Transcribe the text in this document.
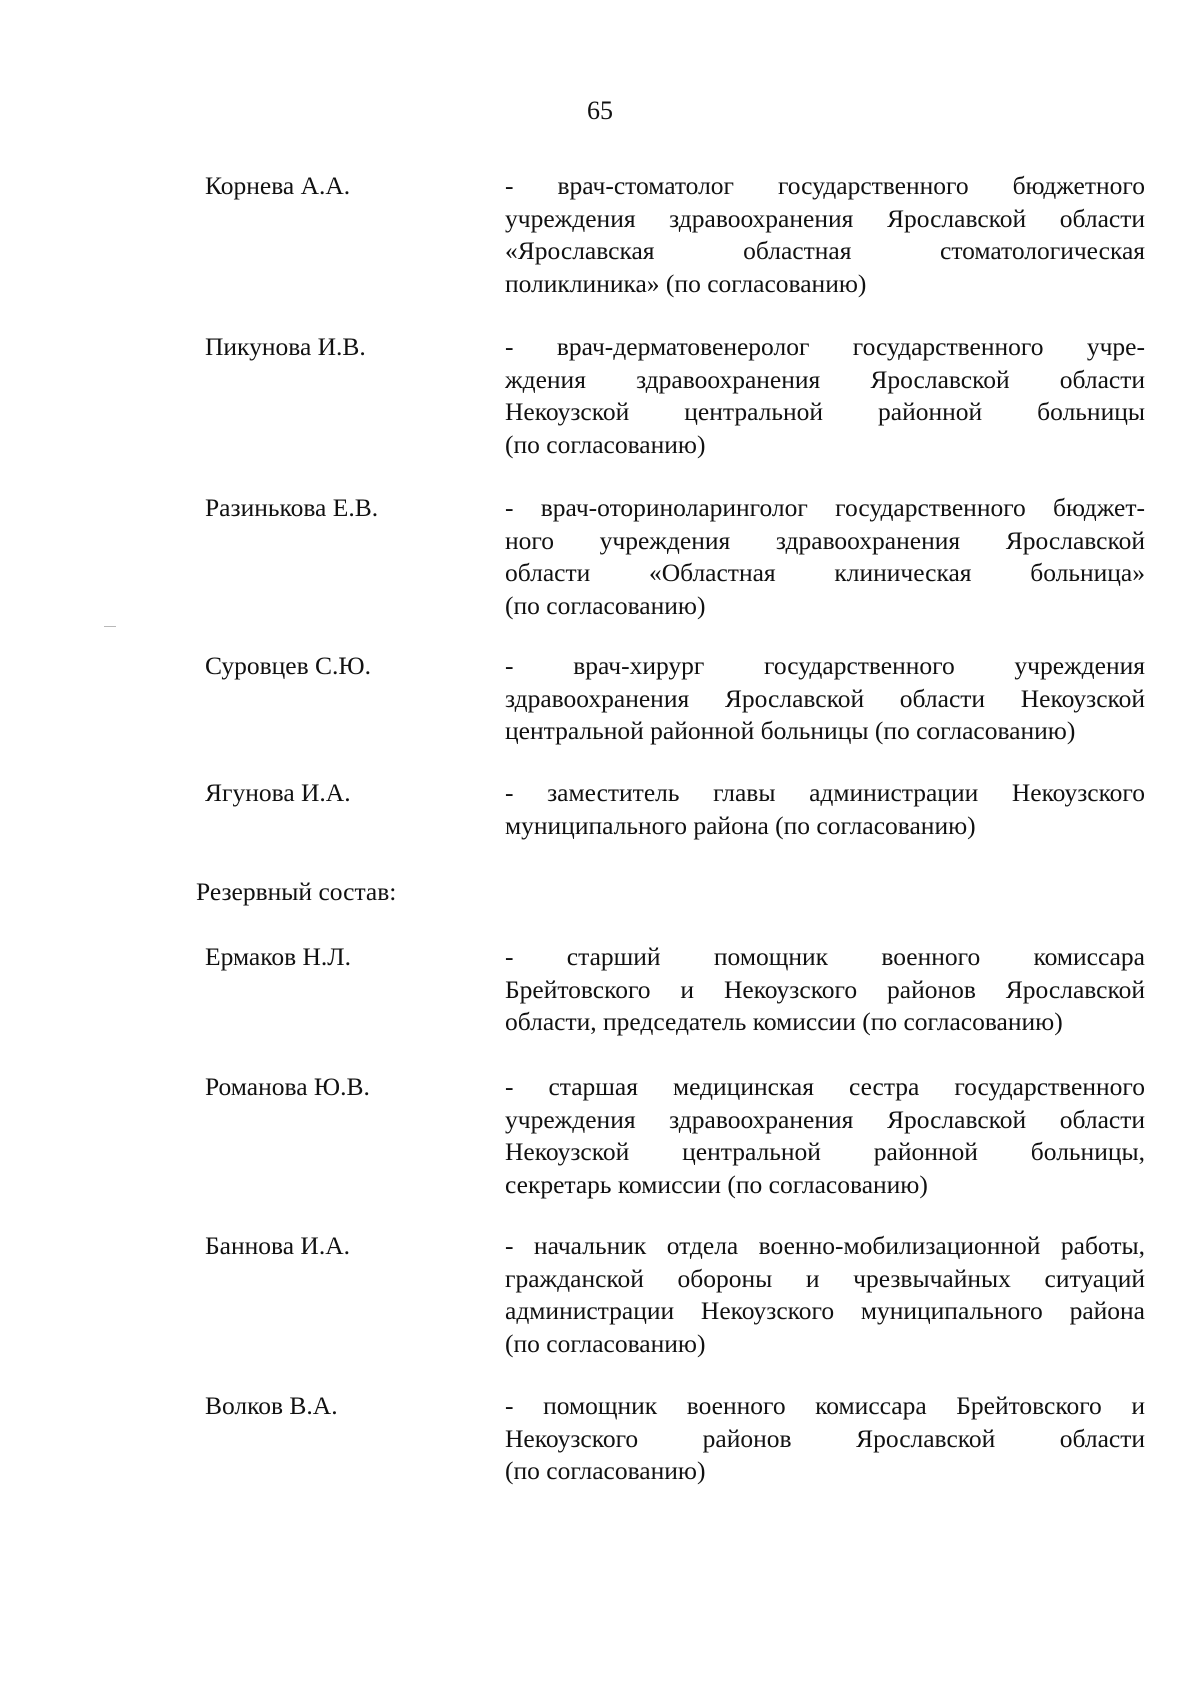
65
Корнева А.А.	- врач-стоматолог государственного бюджетного
учреждения здравоохранения Ярославской области
«Ярославская областная стоматологическая
поликлиника» (по согласованию)
Пикунова И.В.	- врач-дерматовенеролог государственного учре-
ждения здравоохранения Ярославской области
Некоузской центральной районной больницы
(по согласованию)
Разинькова Е.В.	- врач-оториноларинголог государственного бюджет-
ного учреждения здравоохранения Ярославской
области «Областная клиническая больница»
(по согласованию)
Суровцев С.Ю.	- врач-хирург государственного учреждения
здравоохранения Ярославской области Некоузской
центральной районной больницы (по согласованию)
Ягунова И.А.	- заместитель главы администрации Некоузского
муниципального района (по согласованию)
Резервный состав:
Ермаков Н.Л.	- старший помощник военного комиссара
Брейтовского и Некоузского районов Ярославской
области, председатель комиссии (по согласованию)
Романова Ю.В.	- старшая медицинская сестра государственного
учреждения здравоохранения Ярославской области
Некоузской центральной районной больницы,
секретарь комиссии (по согласованию)
Баннова И.А.	- начальник отдела военно-мобилизационной работы,
гражданской обороны и чрезвычайных ситуаций
администрации Некоузского муниципального района
(по согласованию)
Волков В.А.	- помощник военного комиссара Брейтовского и
Некоузского районов Ярославской области
(по согласованию)
